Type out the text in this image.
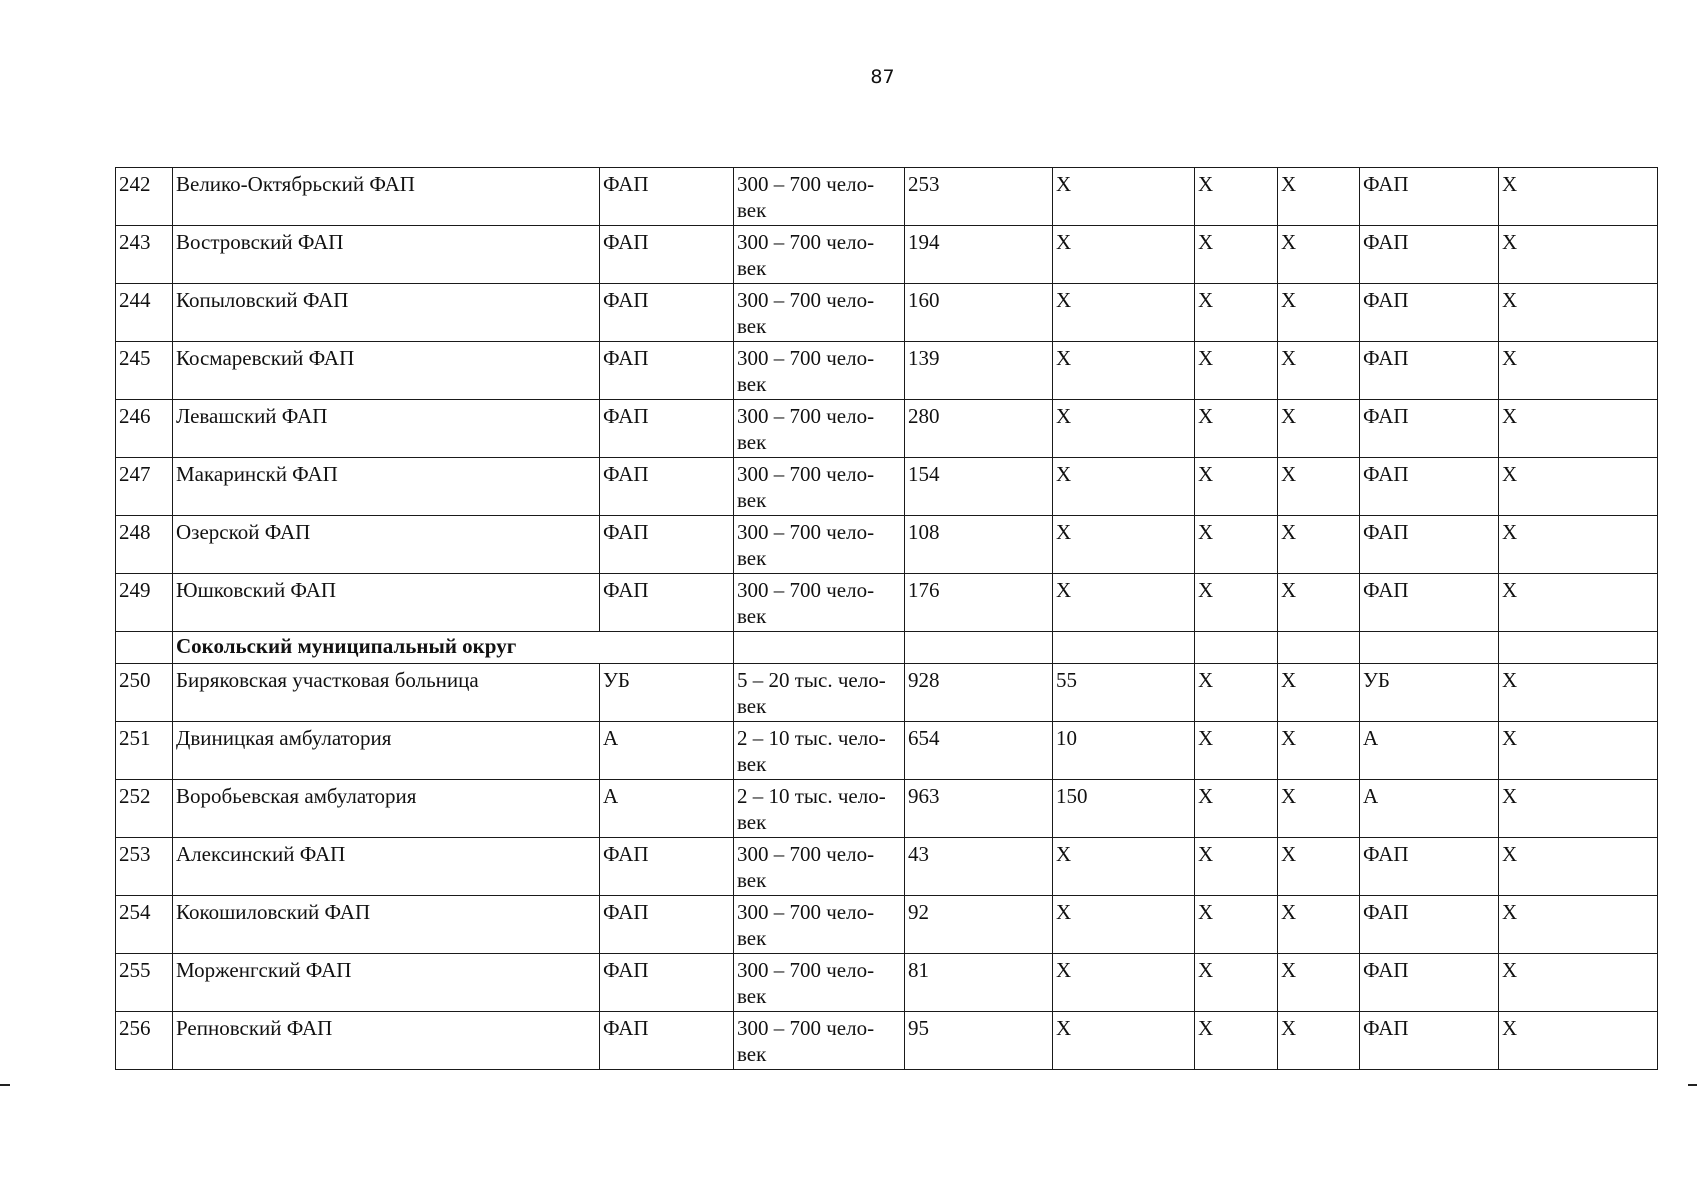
87
242	Велико-Октябрьский ФАП	ФАП	300 – 700 чело-
век	253	Х	Х	Х	ФАП	Х
243	Востровский ФАП	ФАП	300 – 700 чело-
век	194	Х	Х	Х	ФАП	Х
244	Копыловский ФАП	ФАП	300 – 700 чело-
век	160	Х	Х	Х	ФАП	Х
245	Космаревский ФАП	ФАП	300 – 700 чело-
век	139	Х	Х	Х	ФАП	Х
246	Левашский ФАП	ФАП	300 – 700 чело-
век	280	Х	Х	Х	ФАП	Х
247	Макаринскй ФАП	ФАП	300 – 700 чело-
век	154	Х	Х	Х	ФАП	Х
248	Озерской ФАП	ФАП	300 – 700 чело-
век	108	Х	Х	Х	ФАП	Х
249	Юшковский ФАП	ФАП	300 – 700 чело-
век	176	Х	Х	Х	ФАП	Х
	Сокольский муниципальный округ								
250	Биряковская участковая больница	УБ	5 – 20 тыс. чело-
век	928	55	Х	Х	УБ	Х
251	Двиницкая амбулатория	А	2 – 10 тыс. чело-
век	654	10	Х	Х	А	Х
252	Воробьевская амбулатория	А	2 – 10 тыс. чело-
век	963	150	Х	Х	А	Х
253	Алексинский ФАП	ФАП	300 – 700 чело-
век	43	Х	Х	Х	ФАП	Х
254	Кокошиловский ФАП	ФАП	300 – 700 чело-
век	92	Х	Х	Х	ФАП	Х
255	Морженгский ФАП	ФАП	300 – 700 чело-
век	81	Х	Х	Х	ФАП	Х
256	Репновский ФАП	ФАП	300 – 700 чело-
век	95	Х	Х	Х	ФАП	Х
